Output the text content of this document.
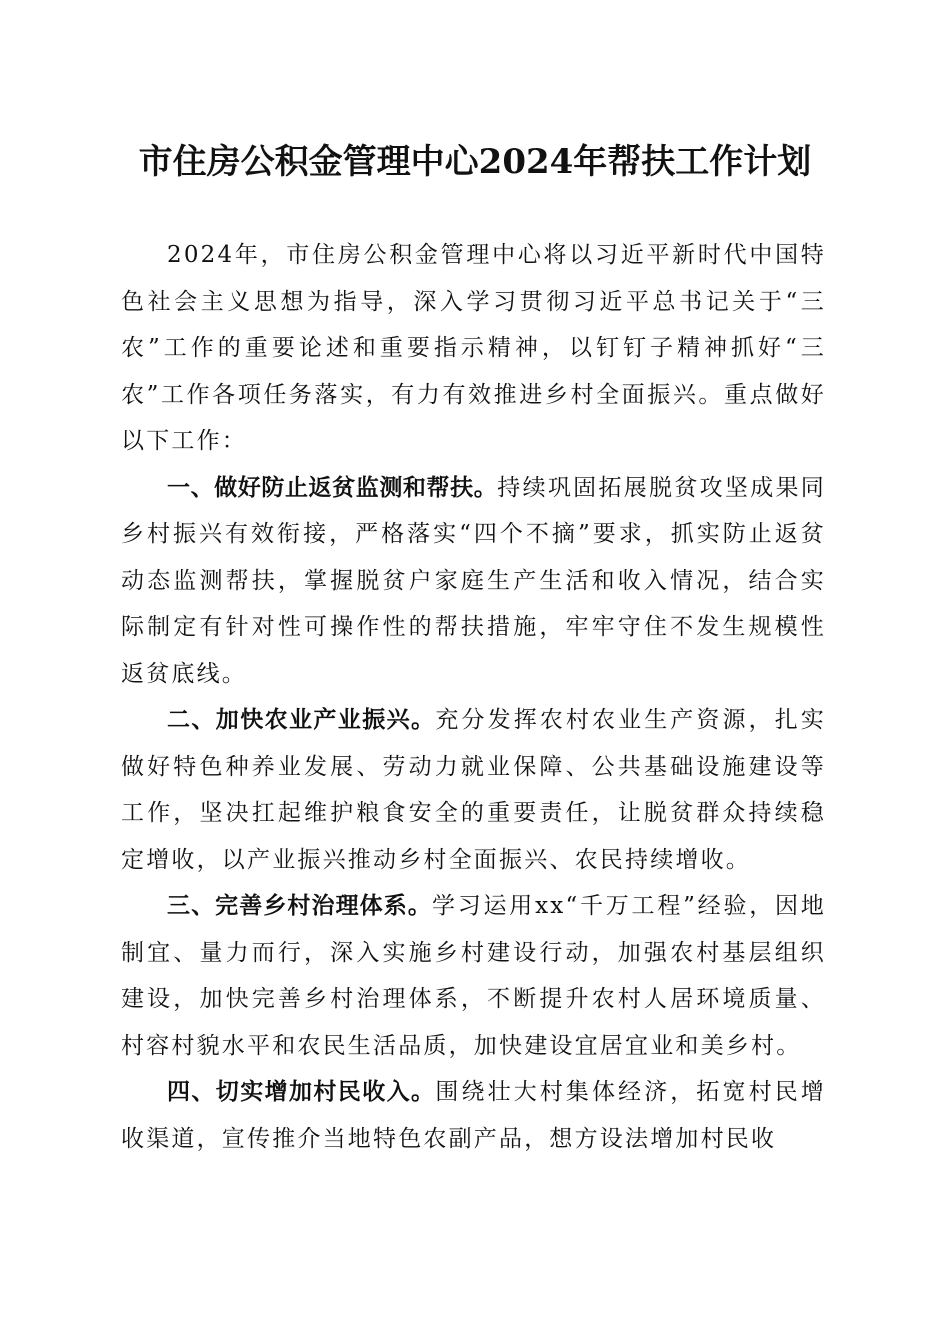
市住房公积金管理中心2024年帮扶工作计划

2024年，市住房公积金管理中心将以习近平新时代中国特色社会主义思想为指导，深入学习贯彻习近平总书记关于“三农”工作的重要论述和重要指示精神，以钉钉子精神抓好“三农”工作各项任务落实，有力有效推进乡村全面振兴。重点做好以下工作：

一、做好防止返贫监测和帮扶。持续巩固拓展脱贫攻坚成果同乡村振兴有效衔接，严格落实“四个不摘”要求，抓实防止返贫动态监测帮扶，掌握脱贫户家庭生产生活和收入情况，结合实际制定有针对性可操作性的帮扶措施，牢牢守住不发生规模性返贫底线。

二、加快农业产业振兴。充分发挥农村农业生产资源，扎实做好特色种养业发展、劳动力就业保障、公共基础设施建设等工作，坚决扛起维护粮食安全的重要责任，让脱贫群众持续稳定增收，以产业振兴推动乡村全面振兴、农民持续增收。

三、完善乡村治理体系。学习运用xx“千万工程”经验，因地制宜、量力而行，深入实施乡村建设行动，加强农村基层组织建设，加快完善乡村治理体系，不断提升农村人居环境质量、村容村貌水平和农民生活品质，加快建设宜居宜业和美乡村。

四、切实增加村民收入。围绕壮大村集体经济，拓宽村民增收渠道，宣传推介当地特色农副产品，想方设法增加村民收
